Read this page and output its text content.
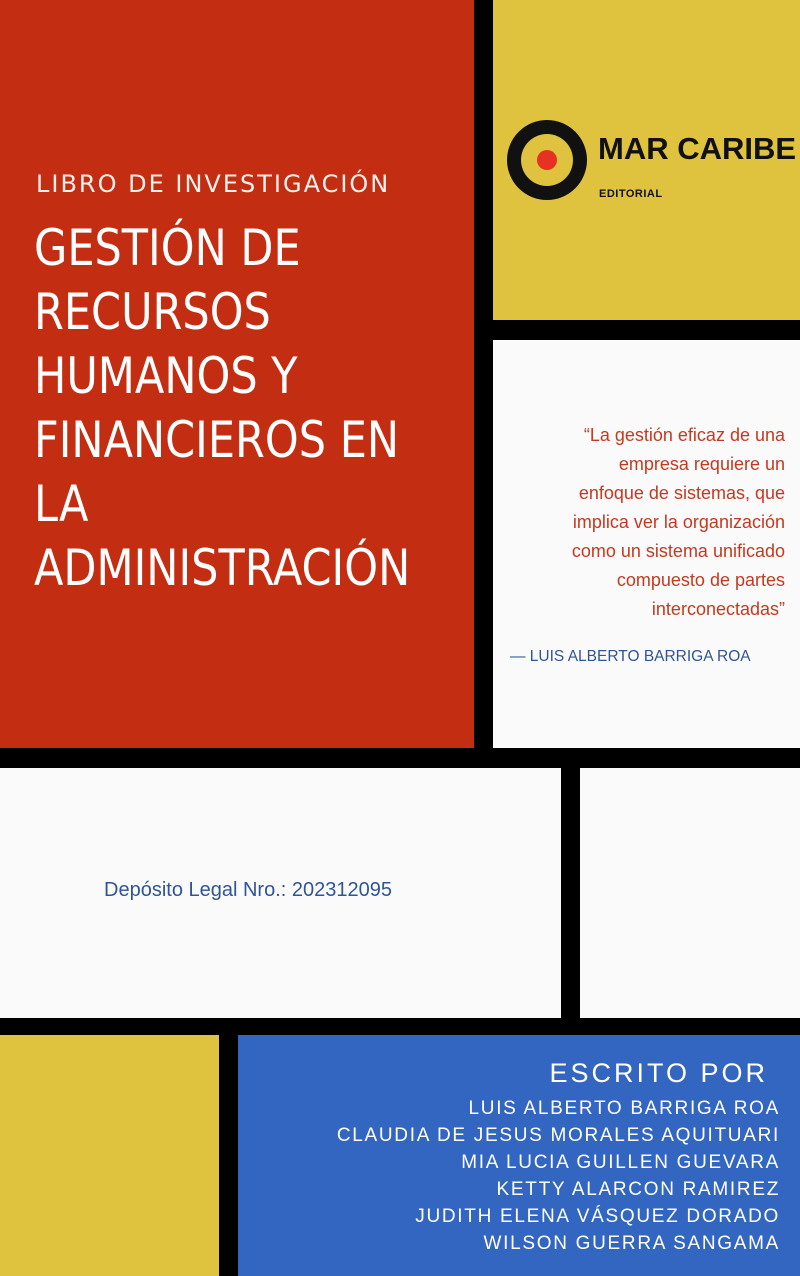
LIBRO DE INVESTIGACIÓN
GESTIÓN DE
RECURSOS
HUMANOS Y
FINANCIEROS EN
LA
ADMINISTRACIÓN
MAR CARIBE
EDITORIAL
“La gestión eficaz de una
empresa requiere un
enfoque de sistemas, que
implica ver la organización
como un sistema unificado
compuesto de partes
interconectadas”
— LUIS ALBERTO BARRIGA ROA
Depósito Legal Nro.: 202312095
ESCRITO POR
LUIS ALBERTO BARRIGA ROA
CLAUDIA DE JESUS MORALES AQUITUARI
MIA LUCIA GUILLEN GUEVARA
KETTY ALARCON RAMIREZ
JUDITH ELENA VÁSQUEZ DORADO
WILSON GUERRA SANGAMA
